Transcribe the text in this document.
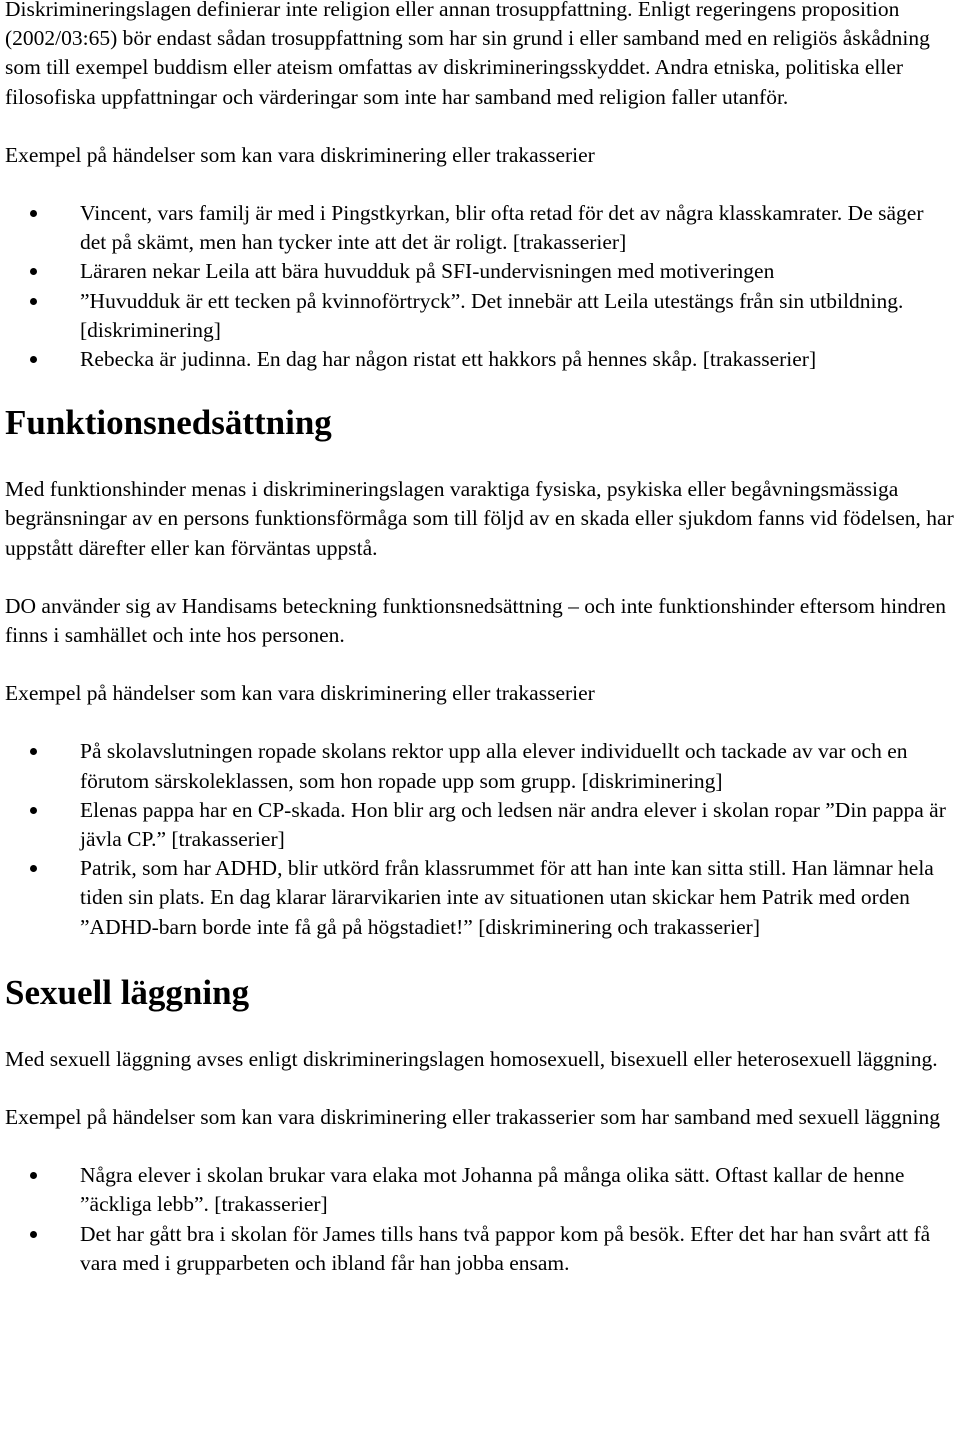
Diskrimineringslagen definierar inte religion eller annan trosuppfattning. Enligt regeringens proposition (2002/03:65) bör endast sådan trosuppfattning som har sin grund i eller samband med en religiös åskådning som till exempel buddism eller ateism omfattas av diskrimineringsskyddet. Andra etniska, politiska eller filosofiska uppfattningar och värderingar som inte har samband med religion faller utanför.

Exempel på händelser som kan vara diskriminering eller trakasserier

Vincent, vars familj är med i Pingstkyrkan, blir ofta retad för det av några klasskamrater. De säger det på skämt, men han tycker inte att det är roligt. [trakasserier]
Läraren nekar Leila att bära huvudduk på SFI-undervisningen med motiveringen
”Huvudduk är ett tecken på kvinnoförtryck”. Det innebär att Leila utestängs från sin utbildning. [diskriminering]
Rebecka är judinna. En dag har någon ristat ett hakkors på hennes skåp. [trakasserier]
Funktionsnedsättning

Med funktionshinder menas i diskrimineringslagen varaktiga fysiska, psykiska eller begåvningsmässiga begränsningar av en persons funktionsförmåga som till följd av en skada eller sjukdom fanns vid födelsen, har uppstått därefter eller kan förväntas uppstå.

DO använder sig av Handisams beteckning funktionsnedsättning – och inte funktionshinder eftersom hindren finns i samhället och inte hos personen.

Exempel på händelser som kan vara diskriminering eller trakasserier

På skolavslutningen ropade skolans rektor upp alla elever individuellt och tackade av var och en förutom särskoleklassen, som hon ropade upp som grupp. [diskriminering]
Elenas pappa har en CP-skada. Hon blir arg och ledsen när andra elever i skolan ropar ”Din pappa är jävla CP.” [trakasserier]
Patrik, som har ADHD, blir utkörd från klassrummet för att han inte kan sitta still. Han lämnar hela tiden sin plats. En dag klarar lärarvikarien inte av situationen utan skickar hem Patrik med orden ”ADHD-barn borde inte få gå på högstadiet!” [diskriminering och trakasserier]
Sexuell läggning

Med sexuell läggning avses enligt diskrimineringslagen homosexuell, bisexuell eller heterosexuell läggning.

Exempel på händelser som kan vara diskriminering eller trakasserier som har samband med sexuell läggning

Några elever i skolan brukar vara elaka mot Johanna på många olika sätt. Oftast kallar de henne ”äckliga lebb”. [trakasserier]
Det har gått bra i skolan för James tills hans två pappor kom på besök. Efter det har han svårt att få vara med i grupparbeten och ibland får han jobba ensam.
